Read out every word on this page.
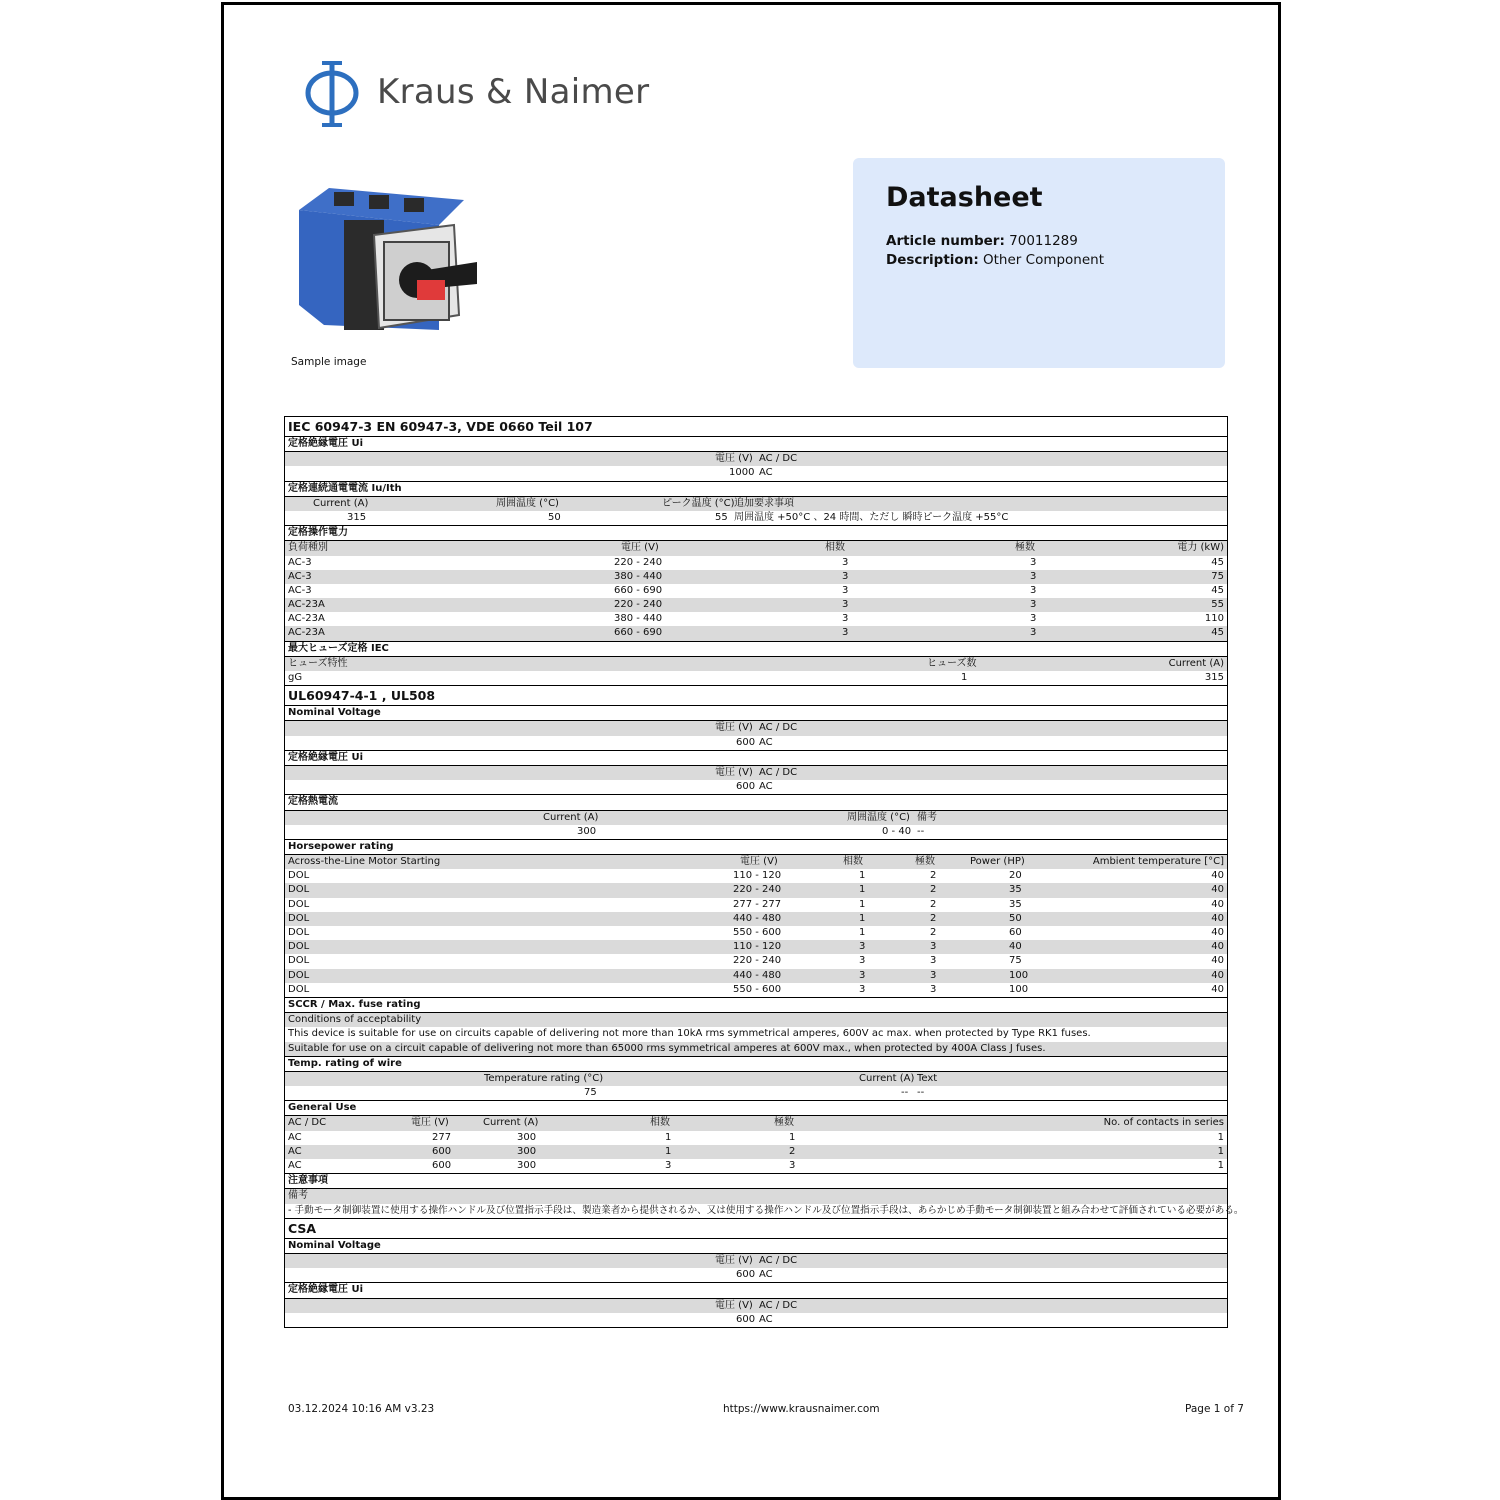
Kraus & Naimer
Sample image
Datasheet
Article number: 70011289
Description: Other Component
IEC 60947-3 EN 60947-3, VDE 0660 Teil 107
定格絶縁電圧 Ui
電圧 (V) AC / DC
1000 AC
定格連続通電電流 Iu/Ith
Current (A)	周囲温度 (°C)	ピーク温度 (°C) 追加要求事項
315	50	55 周囲温度 +50°C 、24 時間、ただし 瞬時ピーク温度 +55°C
定格操作電力
負荷種別	電圧 (V)	相数	極数	電力 (kW)
AC-3	220 - 240	3	3	45
AC-3	380 - 440	3	3	75
AC-3	660 - 690	3	3	45
AC-23A	220 - 240	3	3	55
AC-23A	380 - 440	3	3	110
AC-23A	660 - 690	3	3	45
最大ヒューズ定格 IEC
ヒューズ特性	ヒューズ数	Current (A)
gG	1	315
UL60947-4-1 , UL508
Nominal Voltage
電圧 (V) AC / DC
600 AC
定格絶縁電圧 Ui
電圧 (V) AC / DC
600 AC
定格熱電流
Current (A)	周囲温度 (°C) 備考
300	0 - 40 --
Horsepower rating
Across-the-Line Motor Starting	電圧 (V)	相数	極数	Power (HP)	Ambient temperature [°C]
DOL	110 - 120	1	2	20	40
DOL	220 - 240	1	2	35	40
DOL	277 - 277	1	2	35	40
DOL	440 - 480	1	2	50	40
DOL	550 - 600	1	2	60	40
DOL	110 - 120	3	3	40	40
DOL	220 - 240	3	3	75	40
DOL	440 - 480	3	3	100	40
DOL	550 - 600	3	3	100	40
SCCR / Max. fuse rating
Conditions of acceptability
This device is suitable for use on circuits capable of delivering not more than 10kA rms symmetrical amperes, 600V ac max. when protected by Type RK1 fuses.
Suitable for use on a circuit capable of delivering not more than 65000 rms symmetrical amperes at 600V max., when protected by 400A Class J fuses.
Temp. rating of wire
Temperature rating (°C)	Current (A) Text
75	-- --
General Use
AC / DC	電圧 (V)	Current (A)	相数	極数	No. of contacts in series
AC	277	300	1	1	1
AC	600	300	1	2	1
AC	600	300	3	3	1
注意事項
備考
- 手動モータ制御装置に使用する操作ハンドル及び位置指示手段は、製造業者から提供されるか、又は使用する操作ハンドル及び位置指示手段は、あらかじめ手動モータ制御装置と組み合わせて評価されている必要がある。
CSA
Nominal Voltage
電圧 (V) AC / DC
600 AC
定格絶縁電圧 Ui
電圧 (V) AC / DC
600 AC
03.12.2024 10:16 AM v3.23	https://www.krausnaimer.com	Page 1 of 7
